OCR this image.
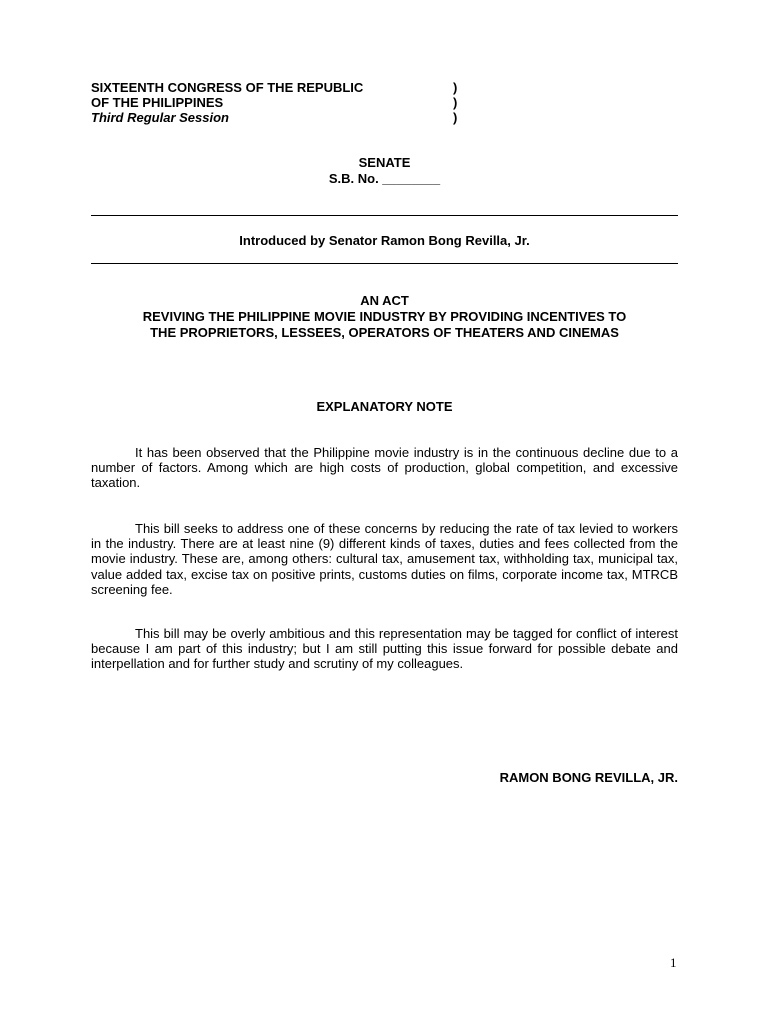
SIXTEENTH CONGRESS OF THE REPUBLIC	)
OF THE PHILIPPINES	)
Third Regular Session	)
SENATE
S.B. No. ________
Introduced by Senator Ramon Bong Revilla, Jr.
AN ACT
REVIVING THE PHILIPPINE MOVIE INDUSTRY BY PROVIDING INCENTIVES TO
THE PROPRIETORS, LESSEES, OPERATORS OF THEATERS AND CINEMAS
EXPLANATORY NOTE

It has been observed that the Philippine movie industry is in the continuous decline due to a number of factors. Among which are high costs of production, global competition, and excessive taxation.

This bill seeks to address one of these concerns by reducing the rate of tax levied to workers in the industry. There are at least nine (9) different kinds of taxes, duties and fees collected from the movie industry. These are, among others: cultural tax, amusement tax, withholding tax, municipal tax, value added tax, excise tax on positive prints, customs duties on films, corporate income tax, MTRCB screening fee.

This bill may be overly ambitious and this representation may be tagged for conflict of interest because I am part of this industry; but I am still putting this issue forward for possible debate and interpellation and for further study and scrutiny of my colleagues.

RAMON BONG REVILLA, JR.
1
